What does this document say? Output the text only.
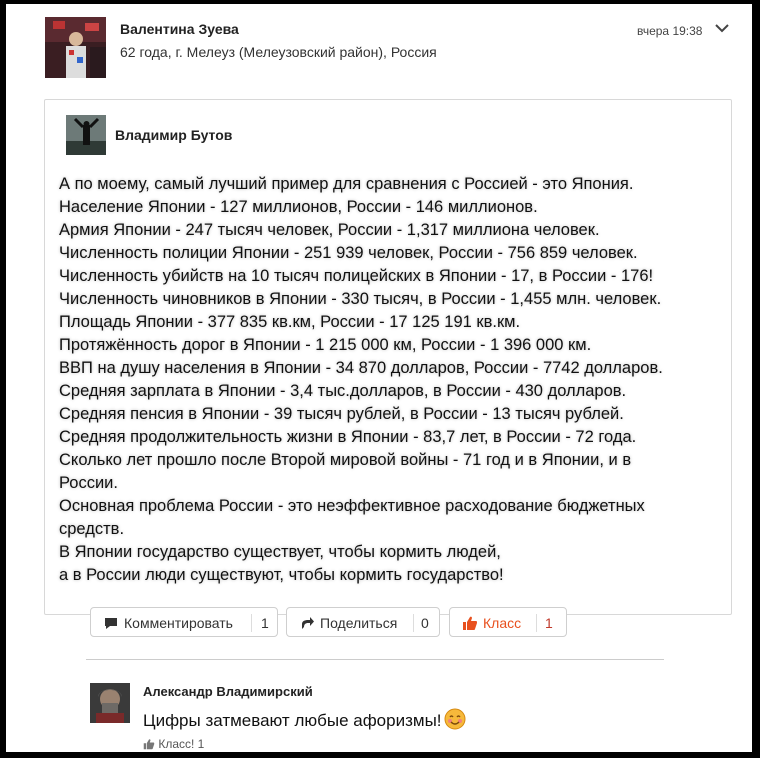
Валентина Зуева
62 года, г. Мелеуз (Мелеузовский район), Россия
вчера 19:38
Владимир Бутов
А по моему, самый лучший пример для сравнения с Россией - это Япония.
Население Японии - 127 миллионов, России - 146 миллионов.
Армия Японии - 247 тысяч человек, России - 1,317 миллиона человек.
Численность полиции Японии - 251 939 человек, России - 756 859 человек.
Численность убийств на 10 тысяч полицейских в Японии - 17, в России - 176!
Численность чиновников в Японии - 330 тысяч, в России - 1,455 млн. человек.
Площадь Японии - 377 835 кв.км, России - 17 125 191 кв.км.
Протяжённость дорог в Японии - 1 215 000 км, России - 1 396 000 км.
ВВП на душу населения в Японии - 34 870 долларов, России - 7742 долларов.
Средняя зарплата в Японии - 3,4 тыс.долларов, в России - 430 долларов.
Средняя пенсия в Японии - 39 тысяч рублей, в России - 13 тысяч рублей.
Средняя продолжительность жизни в Японии - 83,7 лет, в России - 72 года.
Сколько лет прошло после Второй мировой войны - 71 год и в Японии, и в
России.
Основная проблема России - это неэффективное расходование бюджетных
средств.
В Японии государство существует, чтобы кормить людей,
а в России люди существуют, чтобы кормить государство!
Комментировать 1	Поделиться 0	Класс 1
Александр Владимирский
Цифры затмевают любые афоризмы!
Класс! 1
